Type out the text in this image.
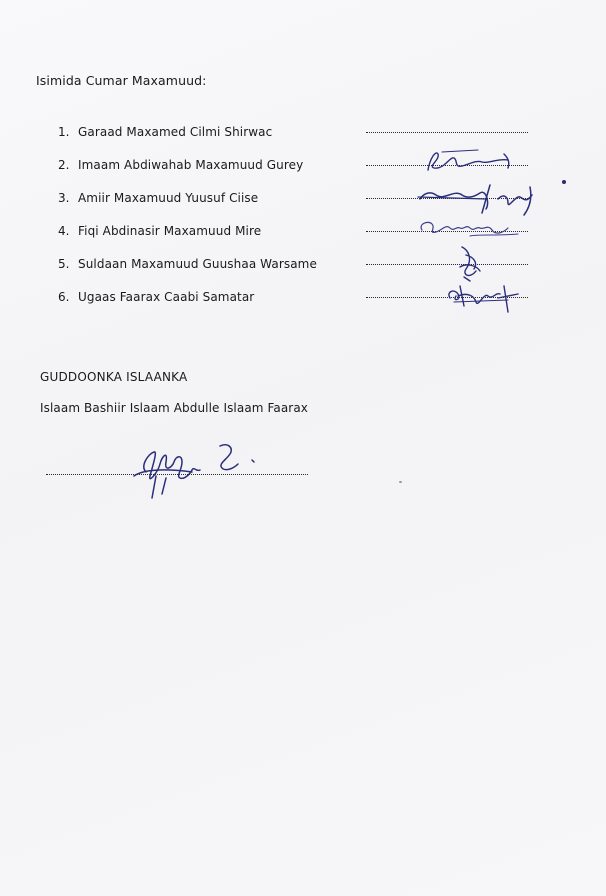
Isimida Cumar Maxamuud:
1. Garaad Maxamed Cilmi Shirwac
2. Imaam Abdiwahab Maxamuud Gurey
3. Amiir Maxamuud Yuusuf Ciise
4. Fiqi Abdinasir Maxamuud Mire
5. Suldaan Maxamuud Guushaa Warsame
6. Ugaas Faarax Caabi Samatar
GUDDOONKA ISLAANKA
Islaam Bashiir Islaam Abdulle Islaam Faarax
